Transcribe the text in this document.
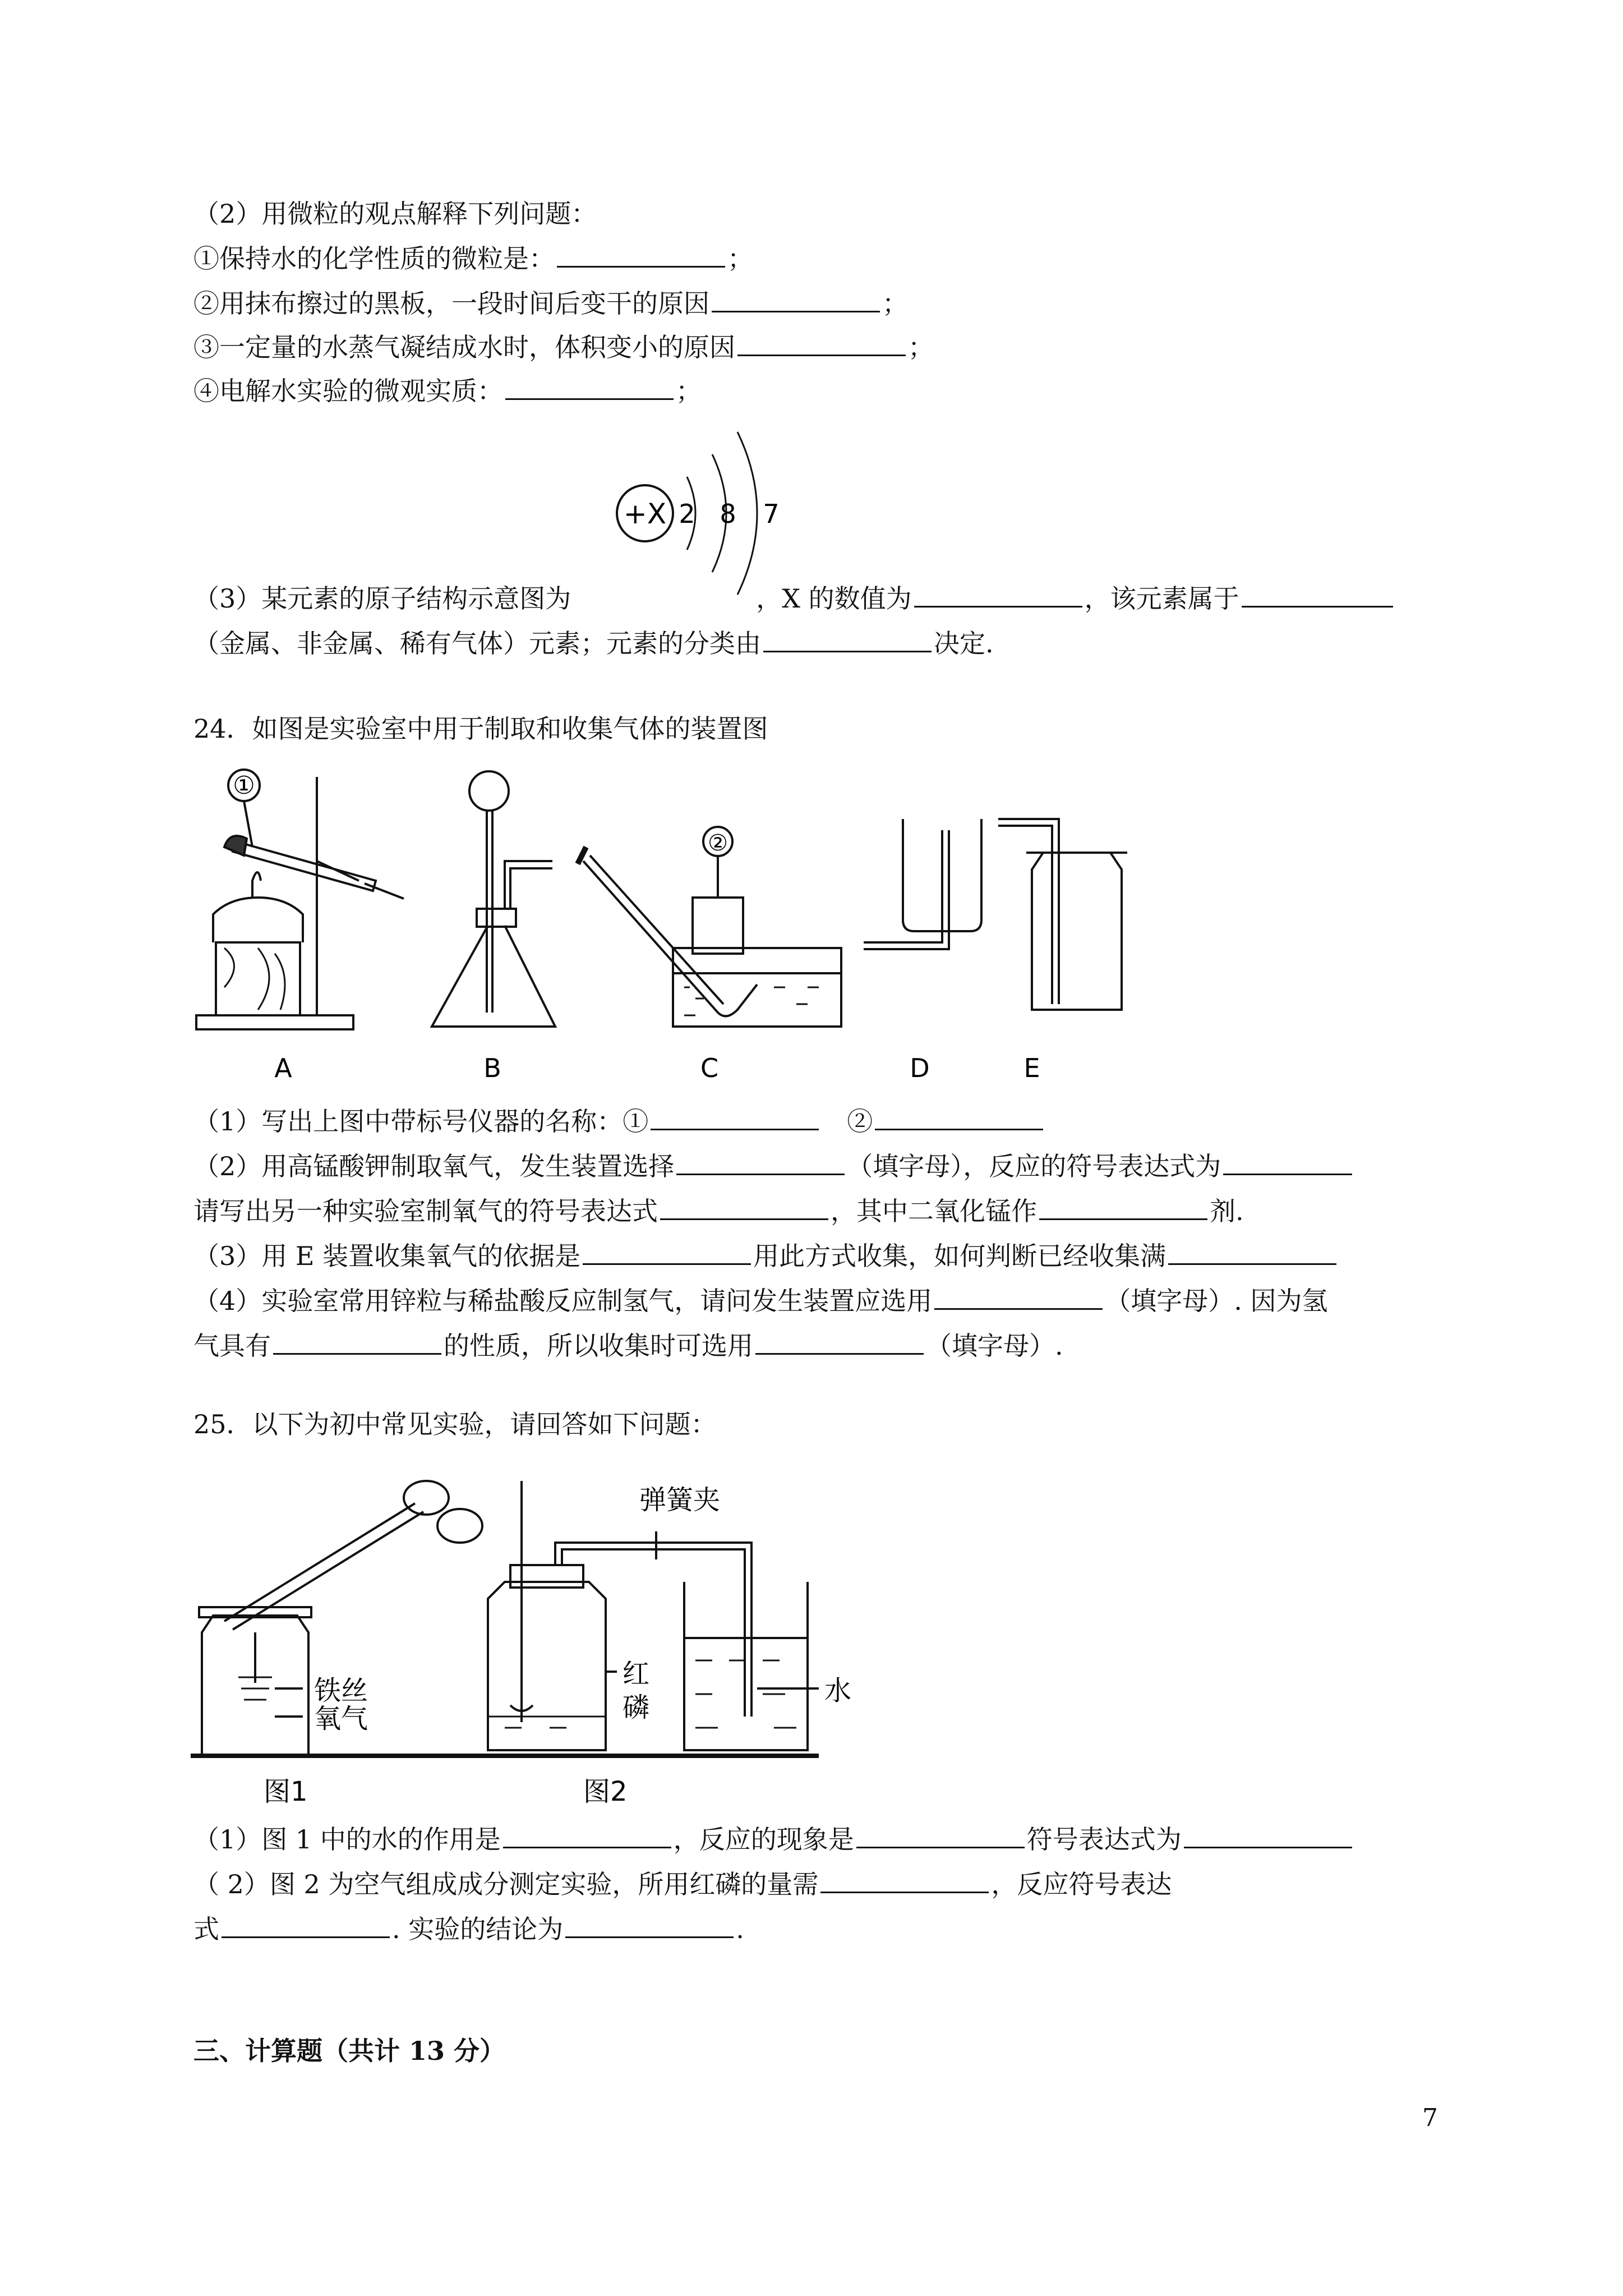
（2）用微粒的观点解释下列问题：
①保持水的化学性质的微粒是：	；
②用抹布擦过的黑板，一段时间后变干的原因	；
③一定量的水蒸气凝结成水时，体积变小的原因	；
④电解水实验的微观实质：	；
+X 2 8 7
（3）某元素的原子结构示意图为	，X 的数值为	，该元素属于
（金属、非金属、稀有气体）元素；元素的分类由	决定.
24．如图是实验室中用于制取和收集气体的装置图
①
②
A	B	C	D	E
（1）写出上图中带标号仪器的名称：①　	②
（2）用高锰酸钾制取氧气，发生装置选择	（填字母），反应的符号表达式为
请写出另一种实验室制氧气的符号表达式	，其中二氧化锰作	剂.
（3）用 E 装置收集氧气的依据是	用此方式收集，如何判断已经收集满
（4）实验室常用锌粒与稀盐酸反应制氢气，请问发生装置应选用	（填字母）. 因为氢
气具有	的性质，所以收集时可选用	（填字母）.
25．以下为初中常见实验，请回答如下问题：
铁丝
氧气
图1
弹簧夹
红
磷
水
图2
（1）图 1 中的水的作用是	，反应的现象是	符号表达式为
（ 2）图 2 为空气组成成分测定实验，所用红磷的量需	，反应符号表达
式	. 实验的结论为	.
三、计算题（共计 13 分）
7
